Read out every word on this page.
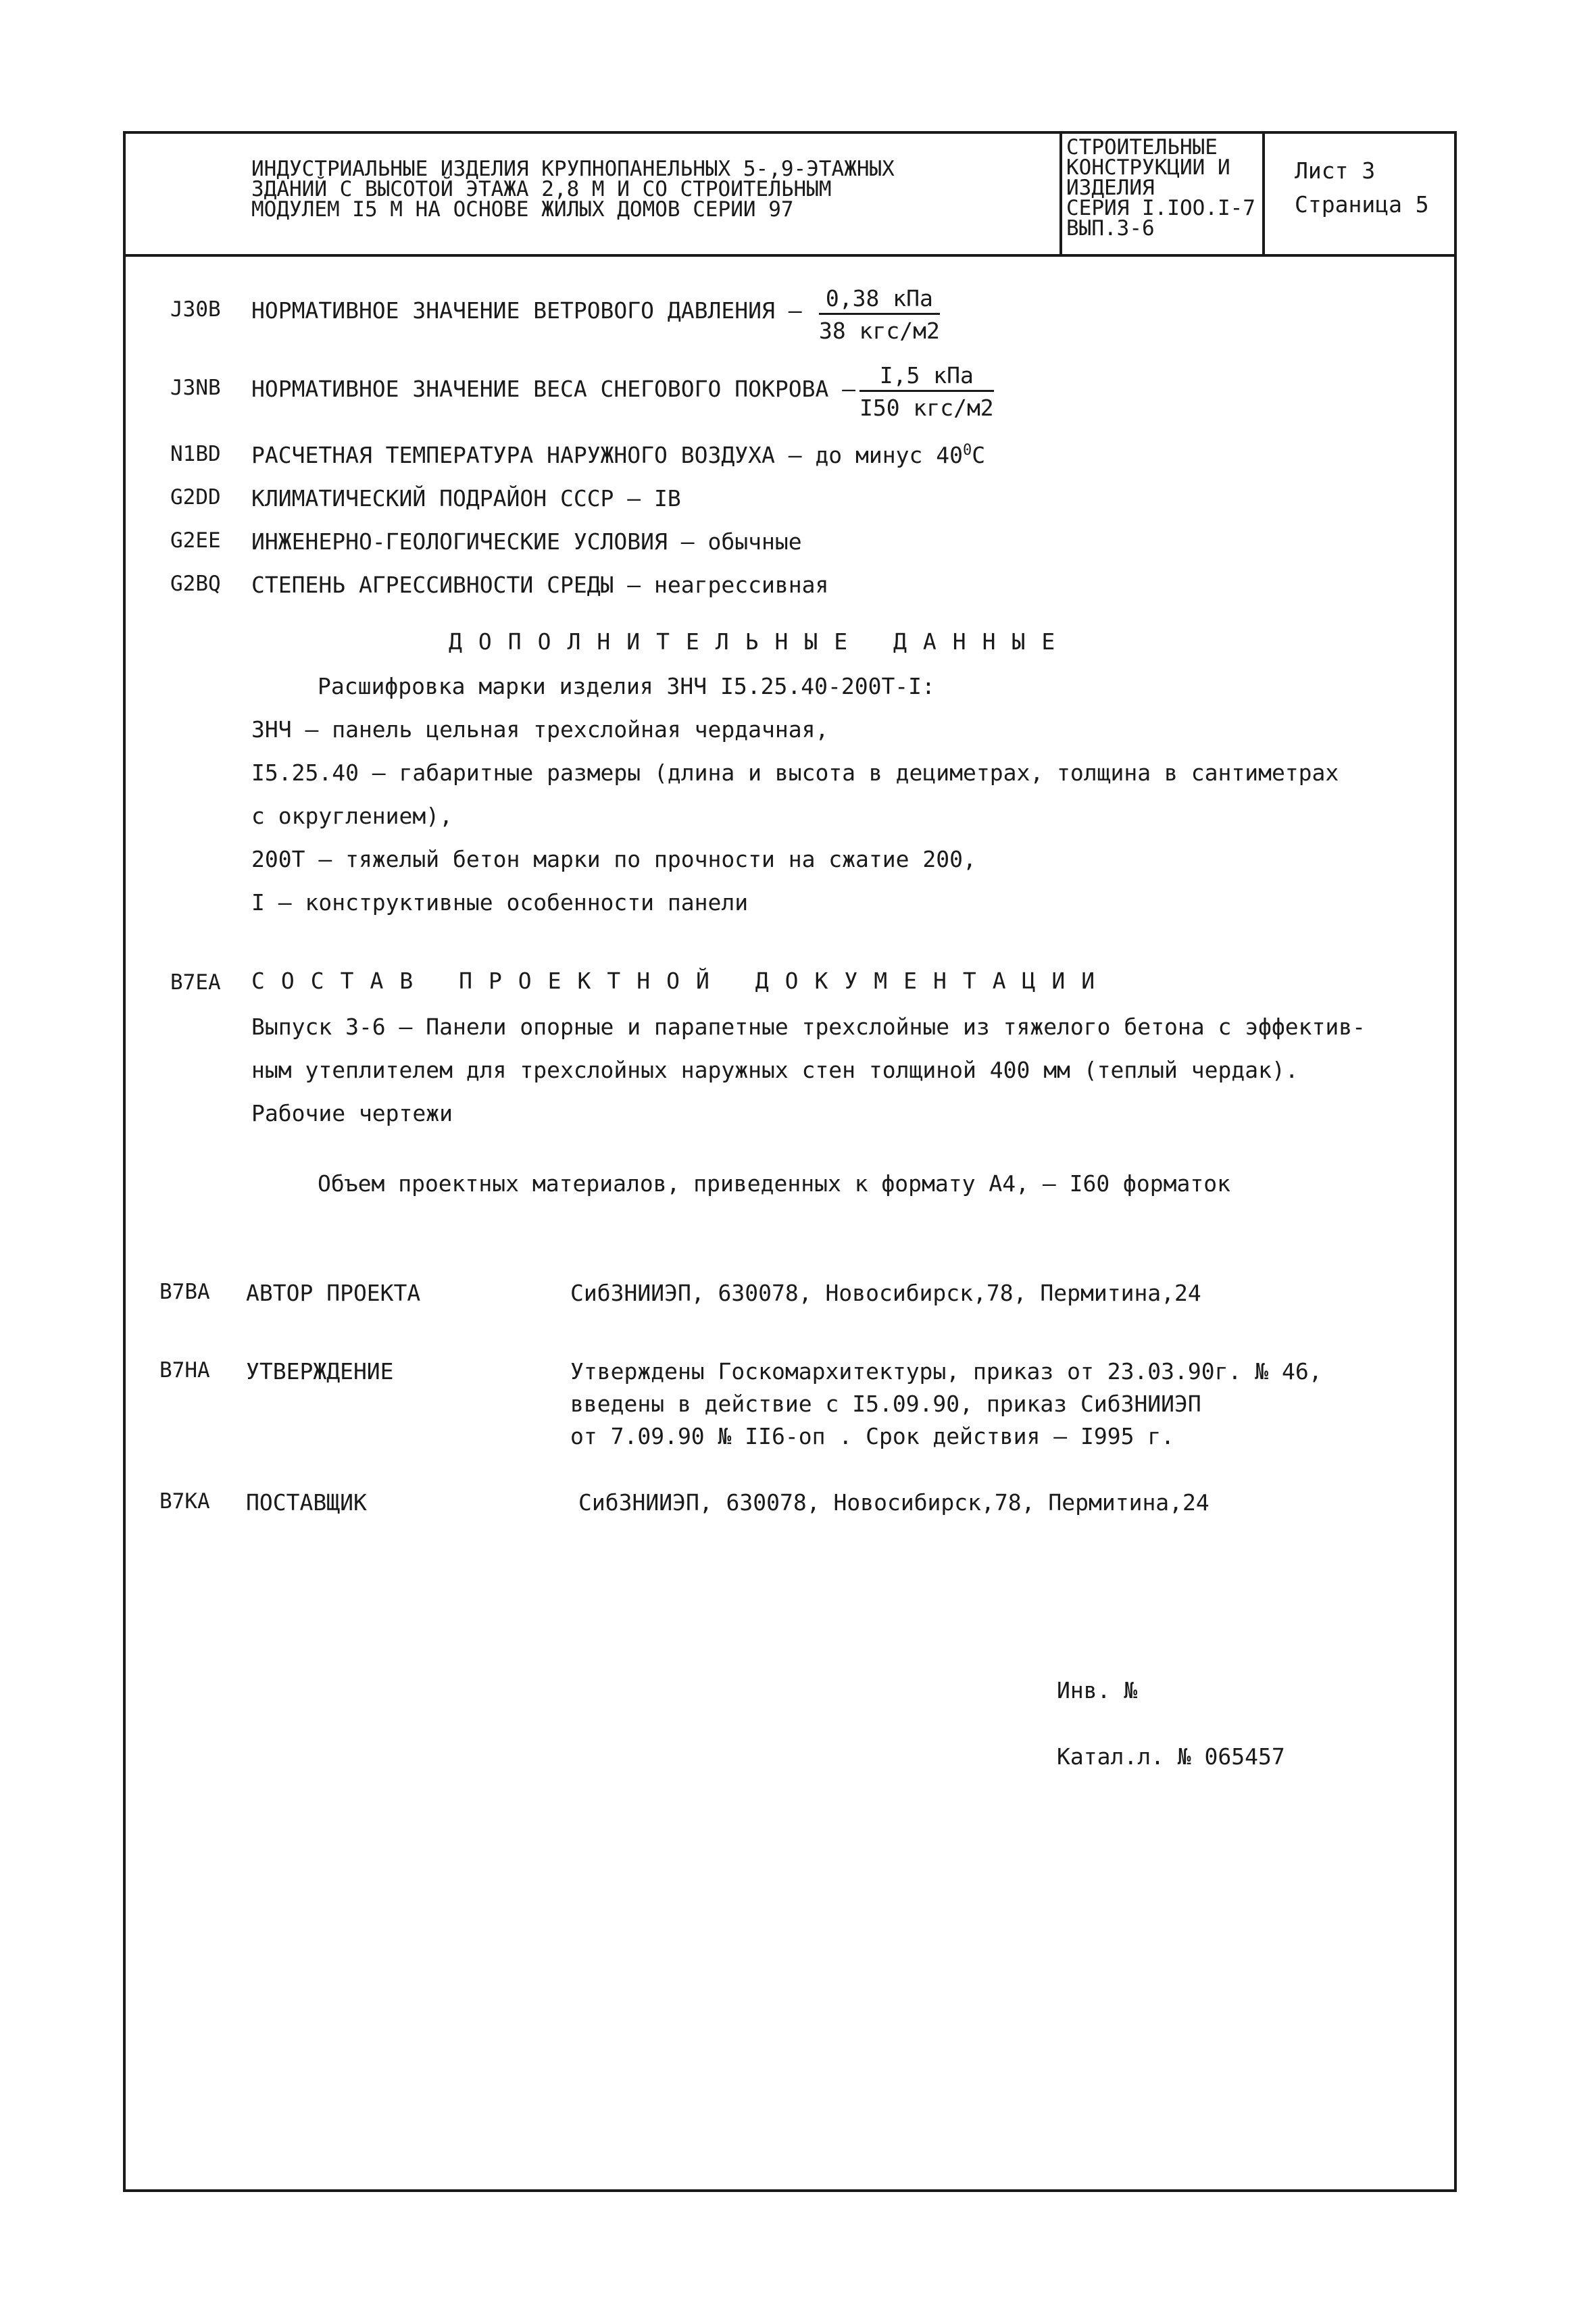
ИНДУСТРИАЛЬНЫЕ ИЗДЕЛИЯ КРУПНОПАНЕЛЬНЫХ 5-,9-ЭТАЖНЫХ
ЗДАНИЙ С ВЫСОТОЙ ЭТАЖА 2,8 М И СО СТРОИТЕЛЬНЫМ
МОДУЛЕМ I5 М НА ОСНОВЕ ЖИЛЫХ ДОМОВ СЕРИИ 97
СТРОИТЕЛЬНЫЕ
КОНСТРУКЦИИ И
ИЗДЕЛИЯ
СЕРИЯ I.IOO.I-7
ВЫП.3-6
Лист 3
Страница 5
J30B НОРМАТИВНОЕ ЗНАЧЕНИЕ ВЕТРОВОГО ДАВЛЕНИЯ –	0,38 кПа
38 кгс/м2
J3NB НОРМАТИВНОЕ ЗНАЧЕНИЕ ВЕСА СНЕГОВОГО ПОКРОВА –
I,5 кПа
I50 кгс/м2
N1BD РАСЧЕТНАЯ ТЕМПЕРАТУРА НАРУЖНОГО ВОЗДУХА – до минус $40^0С$
G2DD КЛИМАТИЧЕСКИЙ ПОДРАЙОН СССР – IВ
G2EE ИНЖЕНЕРНО-ГЕОЛОГИЧЕСКИЕ УСЛОВИЯ – обычные
G2BQ СТЕПЕНЬ АГРЕССИВНОСТИ СРЕДЫ – неагрессивная
ДОПОЛНИТЕЛЬНЫЕ ДАННЫЕ
Расшифровка марки изделия ЗНЧ I5.25.40-200Т-I:
ЗНЧ – панель цельная трехслойная чердачная,
I5.25.40 – габаритные размеры (длина и высота в дециметрах, толщина в сантиметрах
с округлением),
200Т – тяжелый бетон марки по прочности на сжатие 200,
I – конструктивные особенности панели
B7EA СОСТАВ ПРОЕКТНОЙ ДОКУМЕНТАЦИИ
Выпуск 3-6 – Панели опорные и парапетные трехслойные из тяжелого бетона с эффектив-
ным утеплителем для трехслойных наружных стен толщиной 400 мм (теплый чердак).
Рабочие чертежи
Объем проектных материалов, приведенных к формату А4, – I60 форматок
B7BA АВТОР ПРОЕКТА	СибЗНИИЭП, 630078, Новосибирск,78, Пермитина,24
B7HA УТВЕРЖДЕНИЕ	Утверждены Госкомархитектуры, приказ от 23.03.90г. № 46,
введены в действие с I5.09.90, приказ СибЗНИИЭП
от 7.09.90 № II6-оп . Срок действия – I995 г.
B7KA ПОСТАВЩИК	СибЗНИИЭП, 630078, Новосибирск,78, Пермитина,24
Инв. №
Катал.л. № 065457
